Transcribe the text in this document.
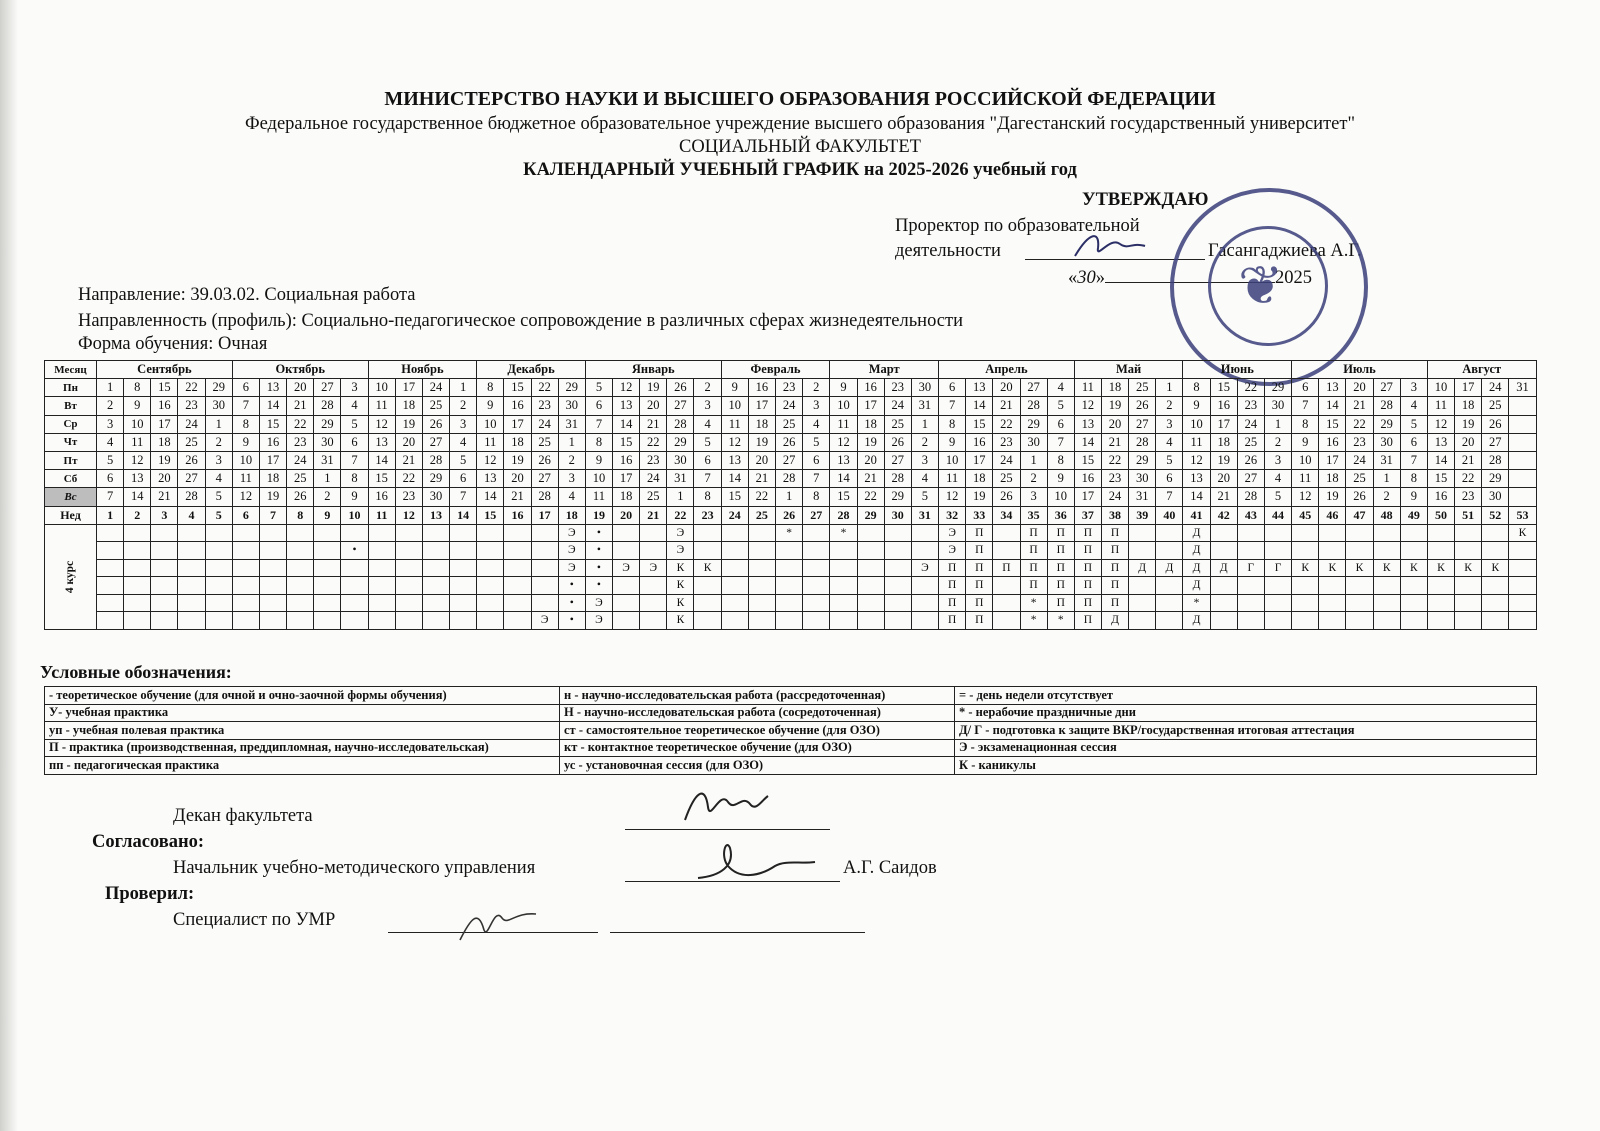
МИНИСТЕРСТВО НАУКИ И ВЫСШЕГО ОБРАЗОВАНИЯ РОССИЙСКОЙ ФЕДЕРАЦИИ
Федеральное государственное бюджетное образовательное учреждение высшего образования "Дагестанский государственный университет"
СОЦИАЛЬНЫЙ ФАКУЛЬТЕТ
КАЛЕНДАРНЫЙ УЧЕБНЫЙ ГРАФИК на 2025-2026 учебный год
УТВЕРЖДАЮ
Проректор по образовательной
деятельности	Гасангаджиева А.Г.
«30»	2025
❦
Направление: 39.03.02. Социальная работа
Направленность (профиль): Социально-педагогическое сопровождение в различных сферах жизнедеятельности
Форма обучения: Очная
Месяц	Сентябрь					Октябрь					Ноябрь				Декабрь				Январь					Февраль				Март				Апрель					Май				Июнь				Июль					Август			
Пн	1	8	15	22	29	6	13	20	27	3	10	17	24	1	8	15	22	29	5	12	19	26	2	9	16	23	2	9	16	23	30	6	13	20	27	4	11	18	25	1	8	15	22	29	6	13	20	27	3	10	17	24	31
Вт	2	9	16	23	30	7	14	21	28	4	11	18	25	2	9	16	23	30	6	13	20	27	3	10	17	24	3	10	17	24	31	7	14	21	28	5	12	19	26	2	9	16	23	30	7	14	21	28	4	11	18	25	
Ср	3	10	17	24	1	8	15	22	29	5	12	19	26	3	10	17	24	31	7	14	21	28	4	11	18	25	4	11	18	25	1	8	15	22	29	6	13	20	27	3	10	17	24	1	8	15	22	29	5	12	19	26	
Чт	4	11	18	25	2	9	16	23	30	6	13	20	27	4	11	18	25	1	8	15	22	29	5	12	19	26	5	12	19	26	2	9	16	23	30	7	14	21	28	4	11	18	25	2	9	16	23	30	6	13	20	27	
Пт	5	12	19	26	3	10	17	24	31	7	14	21	28	5	12	19	26	2	9	16	23	30	6	13	20	27	6	13	20	27	3	10	17	24	1	8	15	22	29	5	12	19	26	3	10	17	24	31	7	14	21	28	
Сб	6	13	20	27	4	11	18	25	1	8	15	22	29	6	13	20	27	3	10	17	24	31	7	14	21	28	7	14	21	28	4	11	18	25	2	9	16	23	30	6	13	20	27	4	11	18	25	1	8	15	22	29	
Вс	7	14	21	28	5	12	19	26	2	9	16	23	30	7	14	21	28	4	11	18	25	1	8	15	22	1	8	15	22	29	5	12	19	26	3	10	17	24	31	7	14	21	28	5	12	19	26	2	9	16	23	30	
Нед	1	2	3	4	5	6	7	8	9	10	11	12	13	14	15	16	17	18	19	20	21	22	23	24	25	26	27	28	29	30	31	32	33	34	35	36	37	38	39	40	41	42	43	44	45	46	47	48	49	50	51	52	53
4 курс																		Э	•			Э				*		*				Э	П		П	П	П	П			Д												К
										•								Э	•			Э										Э	П		П	П	П	П			Д												
																		Э	•	Э	Э	К	К								Э	П	П	П	П	П	П	П	Д	Д	Д	Д	Г	Г	К	К	К	К	К	К	К	К	
																		•	•			К										П	П		П	П	П	П			Д												
																		•	Э			К										П	П		*	П	П	П			*												
																	Э	•	Э			К										П	П		*	*	П	Д			Д												
Условные обозначения:
- теоретическое обучение (для очной и очно-заочной формы обучения)	н - научно-исследовательская работа (рассредоточенная)	= - день недели отсутствует
У- учебная практика	Н - научно-исследовательская работа (сосредоточенная)	* - нерабочие праздничные дни
уп - учебная полевая практика	ст - самостоятельное теоретическое обучение (для ОЗО)	Д/ Г - подготовка к защите ВКР/государственная итоговая аттестация
П - практика (производственная, преддипломная, научно-исследовательская)	кт - контактное теоретическое обучение (для ОЗО)	Э - экзаменационная сессия
пп - педагогическая практика	ус - установочная сессия (для ОЗО)	К - каникулы
Декан факультета
Согласовано:
Начальник учебно-методического управления	А.Г. Саидов
Проверил:
Специалист по УМР
